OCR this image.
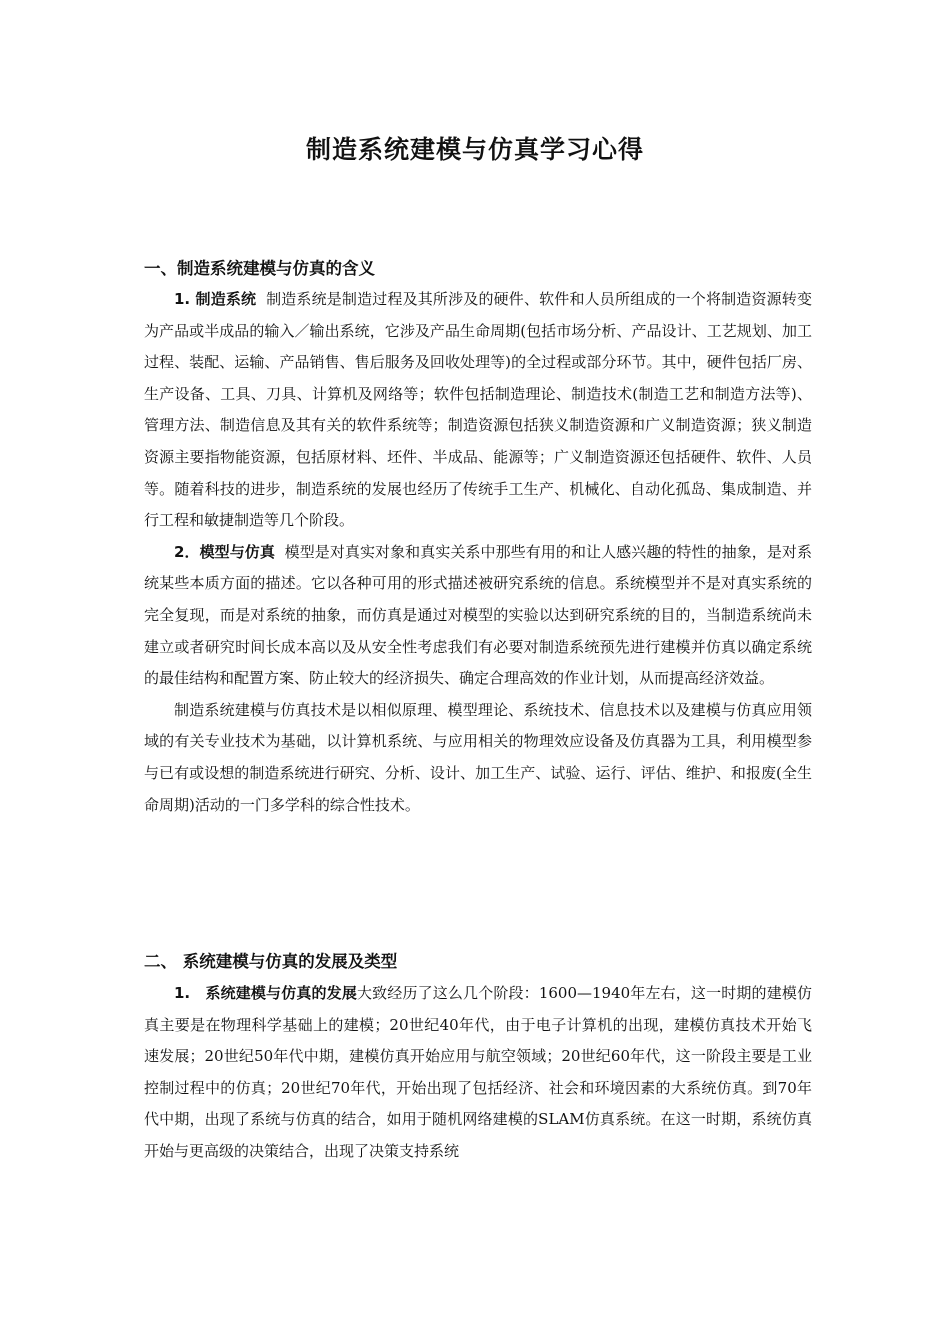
制造系统建模与仿真学习心得
一、制造系统建模与仿真的含义

1. 制造系统 制造系统是制造过程及其所涉及的硬件、软件和人员所组成的一个将制造资源转变为产品或半成品的输入／输出系统，它涉及产品生命周期(包括市场分析、产品设计、工艺规划、加工过程、装配、运输、产品销售、售后服务及回收处理等)的全过程或部分环节。其中，硬件包括厂房、生产设备、工具、刀具、计算机及网络等；软件包括制造理论、制造技术(制造工艺和制造方法等)、管理方法、制造信息及其有关的软件系统等；制造资源包括狭义制造资源和广义制造资源；狭义制造资源主要指物能资源，包括原材料、坯件、半成品、能源等；广义制造资源还包括硬件、软件、人员等。随着科技的进步，制造系统的发展也经历了传统手工生产、机械化、自动化孤岛、集成制造、并行工程和敏捷制造等几个阶段。

2．模型与仿真 模型是对真实对象和真实关系中那些有用的和让人感兴趣的特性的抽象，是对系统某些本质方面的描述。它以各种可用的形式描述被研究系统的信息。系统模型并不是对真实系统的完全复现，而是对系统的抽象，而仿真是通过对模型的实验以达到研究系统的目的，当制造系统尚未建立或者研究时间长成本高以及从安全性考虑我们有必要对制造系统预先进行建模并仿真以确定系统的最佳结构和配置方案、防止较大的经济损失、确定合理高效的作业计划，从而提高经济效益。

制造系统建模与仿真技术是以相似原理、模型理论、系统技术、信息技术以及建模与仿真应用领域的有关专业技术为基础，以计算机系统、与应用相关的物理效应设备及仿真器为工具，利用模型参与已有或设想的制造系统进行研究、分析、设计、加工生产、试验、运行、评估、维护、和报废(全生命周期)活动的一门多学科的综合性技术。

二、 系统建模与仿真的发展及类型

1.　系统建模与仿真的发展大致经历了这么几个阶段：1600—1940年左右，这一时期的建模仿真主要是在物理科学基础上的建模；20世纪40年代，由于电子计算机的出现，建模仿真技术开始飞速发展；20世纪50年代中期，建模仿真开始应用与航空领域；20世纪60年代，这一阶段主要是工业控制过程中的仿真；20世纪70年代，开始出现了包括经济、社会和环境因素的大系统仿真。到70年代中期，出现了系统与仿真的结合，如用于随机网络建模的SLAM仿真系统。在这一时期，系统仿真开始与更高级的决策结合，出现了决策支持系统
